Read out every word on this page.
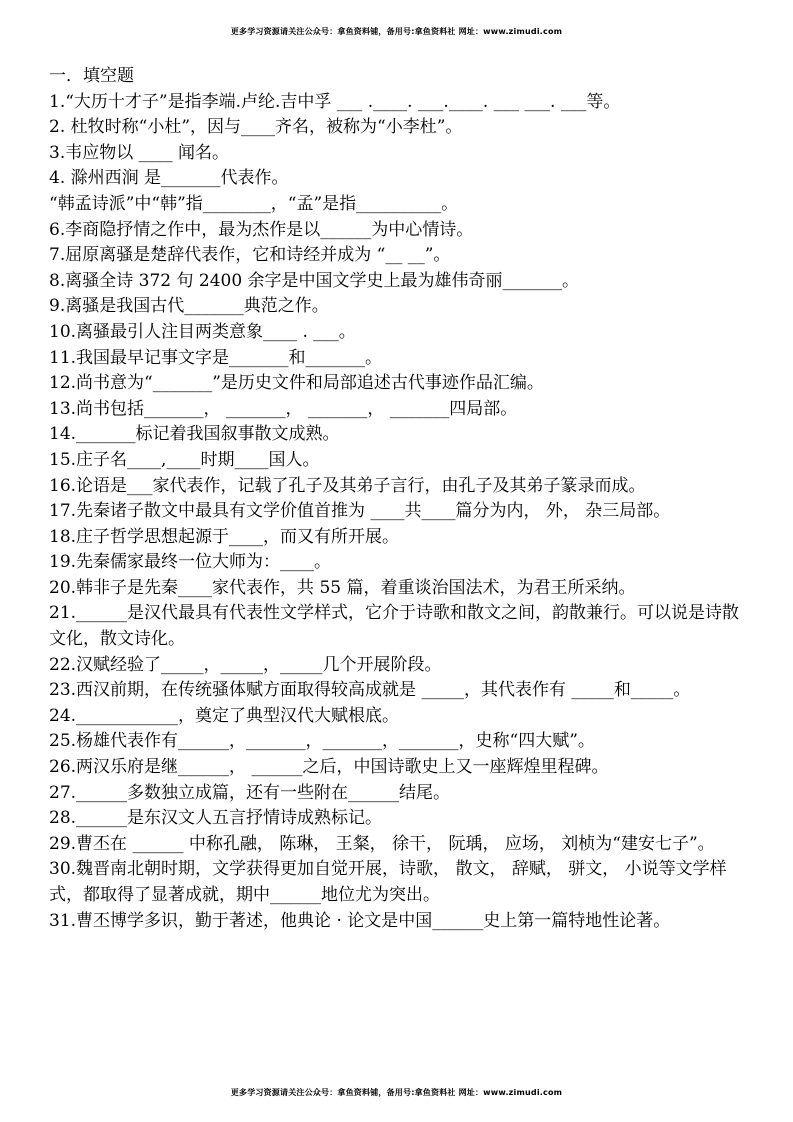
更多学习资源请关注公众号：拿鱼资料铺，备用号:拿鱼资料社 网址：www.zimudi.com
一．填空题
1.“大历十才子”是指李端.卢纶.吉中孚 ___ .____. ___.____. ___ ___. ___等。
2. 杜牧时称“小杜”，因与____齐名，被称为“小李杜”。
3.韦应物以 ____ 闻名。
4. 滁州西涧 是_______代表作。
“韩孟诗派”中“韩”指________，“孟”是指__________。
6.李商隐抒情之作中，最为杰作是以______为中心情诗。
7.屈原离骚是楚辞代表作，它和诗经并成为 “__ __”。
8.离骚全诗 372 句 2400 余字是中国文学史上最为雄伟奇丽_______。
9.离骚是我国古代_______典范之作。
10.离骚最引人注目两类意象____ . ___。
11.我国最早记事文字是_______和_______。
12.尚书意为“_______”是历史文件和局部追述古代事迹作品汇编。
13.尚书包括_______， _______， _______， _______四局部。
14._______标记着我国叙事散文成熟。
15.庄子名____,____时期____国人。
16.论语是___家代表作，记载了孔子及其弟子言行，由孔子及其弟子篆录而成。
17.先秦诸子散文中最具有文学价值首推为 ____共____篇分为内， 外， 杂三局部。
18.庄子哲学思想起源于____，而又有所开展。
19.先秦儒家最终一位大师为：____。
20.韩非子是先秦____家代表作，共 55 篇，着重谈治国法术，为君王所采纳。
21.______是汉代最具有代表性文学样式，它介于诗歌和散文之间，韵散兼行。可以说是诗散文化，散文诗化。
22.汉赋经验了_____，_____，_____几个开展阶段。
23.西汉前期，在传统骚体赋方面取得较高成就是 _____，其代表作有 _____和_____。
24.____________，奠定了典型汉代大赋根底。
25.杨雄代表作有______，_______，_______，_______，史称“四大赋”。
26.两汉乐府是继______， ______之后，中国诗歌史上又一座辉煌里程碑。
27.______多数独立成篇，还有一些附在______结尾。
28.______是东汉文人五言抒情诗成熟标记。
29.曹丕在 ______ 中称孔融， 陈琳， 王粲， 徐干， 阮瑀， 应场， 刘桢为“建安七子”。
30.魏晋南北朝时期，文学获得更加自觉开展，诗歌， 散文， 辞赋， 骈文， 小说等文学样式，都取得了显著成就，期中______地位尤为突出。
31.曹丕博学多识，勤于著述，他典论 · 论文是中国______史上第一篇特地性论著。
更多学习资源请关注公众号：拿鱼资料铺，备用号:拿鱼资料社 网址：www.zimudi.com
